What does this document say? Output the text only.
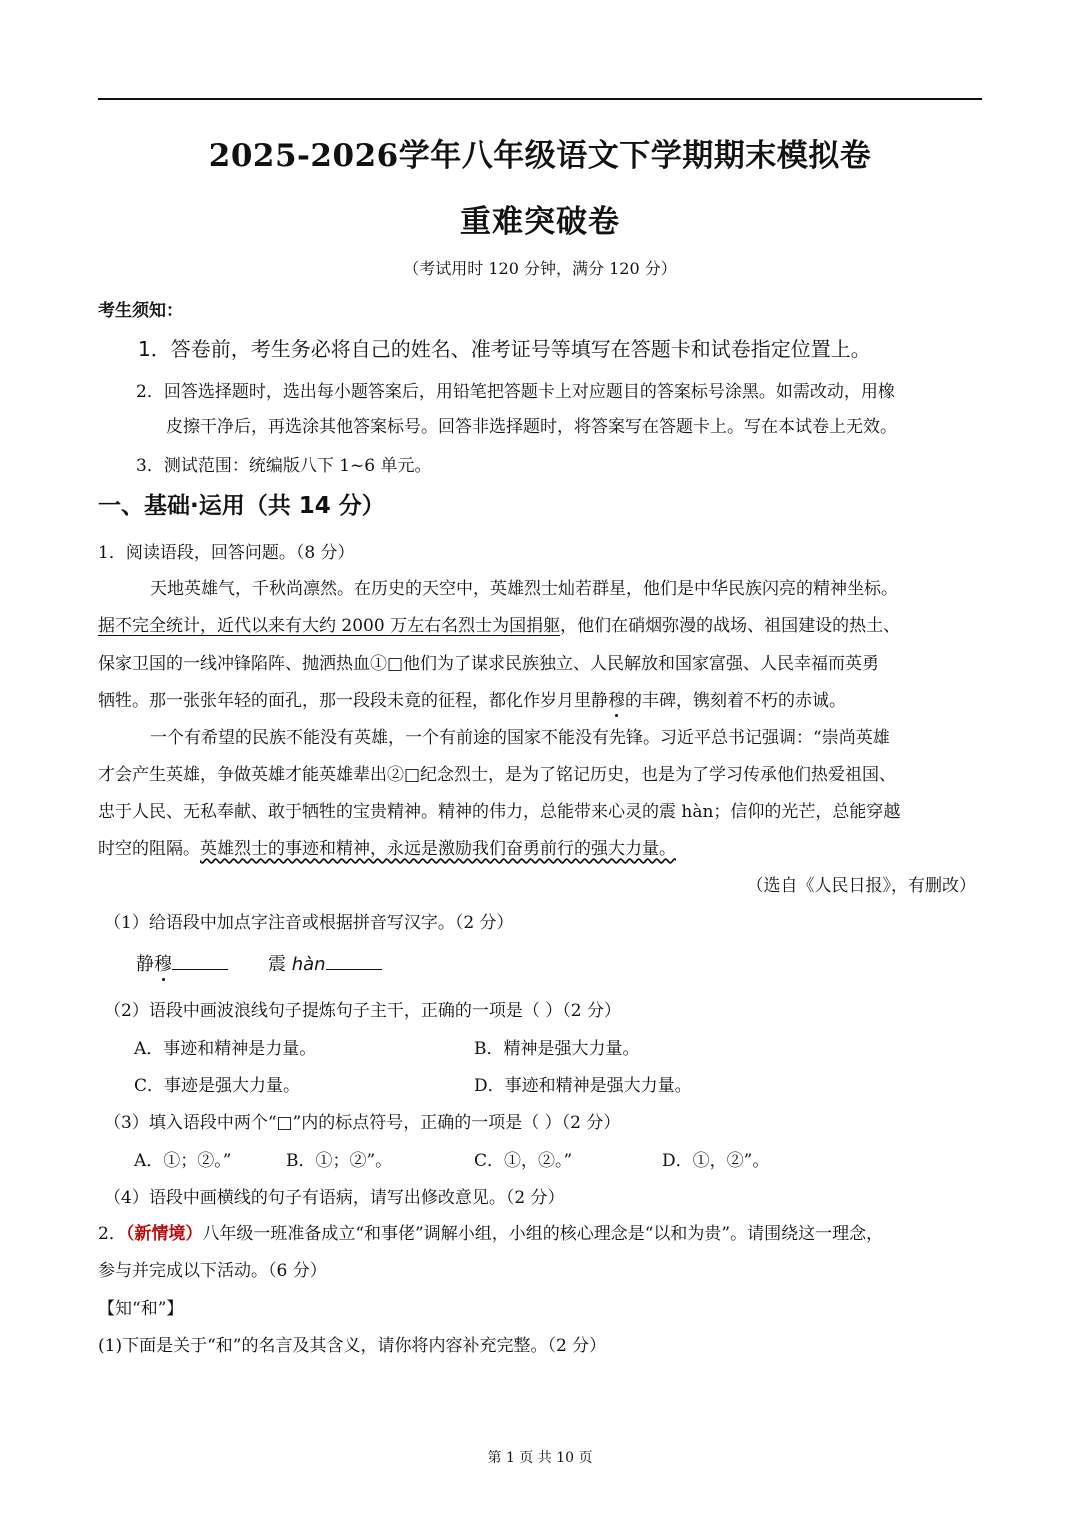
2025-2026学年八年级语文下学期期末模拟卷
重难突破卷
（考试用时 120 分钟，满分 120 分）
考生须知：
1．答卷前，考生务必将自己的姓名、准考证号等填写在答题卡和试卷指定位置上。
2．回答选择题时，选出每小题答案后，用铅笔把答题卡上对应题目的答案标号涂黑。如需改动，用橡
皮擦干净后，再选涂其他答案标号。回答非选择题时，将答案写在答题卡上。写在本试卷上无效。
3．测试范围：统编版八下 1~6 单元。
一、基础·运用（共 14 分）
1．阅读语段，回答问题。（8 分）
天地英雄气，千秋尚凛然。在历史的天空中，英雄烈士灿若群星，他们是中华民族闪亮的精神坐标。
据不完全统计，近代以来有大约 2000 万左右名烈士为国捐躯，他们在硝烟弥漫的战场、祖国建设的热土、
保家卫国的一线冲锋陷阵、抛洒热血①□他们为了谋求民族独立、人民解放和国家富强、人民幸福而英勇
牺牲。那一张张年轻的面孔，那一段段未竟的征程，都化作岁月里静穆的丰碑，镌刻着不朽的赤诚。
一个有希望的民族不能没有英雄，一个有前途的国家不能没有先锋。习近平总书记强调：“崇尚英雄
才会产生英雄，争做英雄才能英雄辈出②□纪念烈士，是为了铭记历史，也是为了学习传承他们热爱祖国、
忠于人民、无私奉献、敢于牺牲的宝贵精神。精神的伟力，总能带来心灵的震 hàn；信仰的光芒，总能穿越
时空的阻隔。英雄烈士的事迹和精神，永远是激励我们奋勇前行的强大力量。
（选自《人民日报》，有删改）
（1）给语段中加点字注音或根据拼音写汉字。（2 分）
静穆	震 hàn
（2）语段中画波浪线句子提炼句子主干，正确的一项是（ ）（2 分）
A．事迹和精神是力量。	B．精神是强大力量。
C．事迹是强大力量。	D．事迹和精神是强大力量。
（3）填入语段中两个“□”内的标点符号，正确的一项是（ ）（2 分）
A．①；②。”	B．①；②”。	C．①，②。”	D．①，②”。
（4）语段中画横线的句子有语病，请写出修改意见。（2 分）
2．（新情境）八年级一班准备成立“和事佬”调解小组，小组的核心理念是“以和为贵”。请围绕这一理念，
参与并完成以下活动。（6 分）
【知“和”】
(1)下面是关于“和”的名言及其含义，请你将内容补充完整。（2 分）
第 1 页 共 10 页
